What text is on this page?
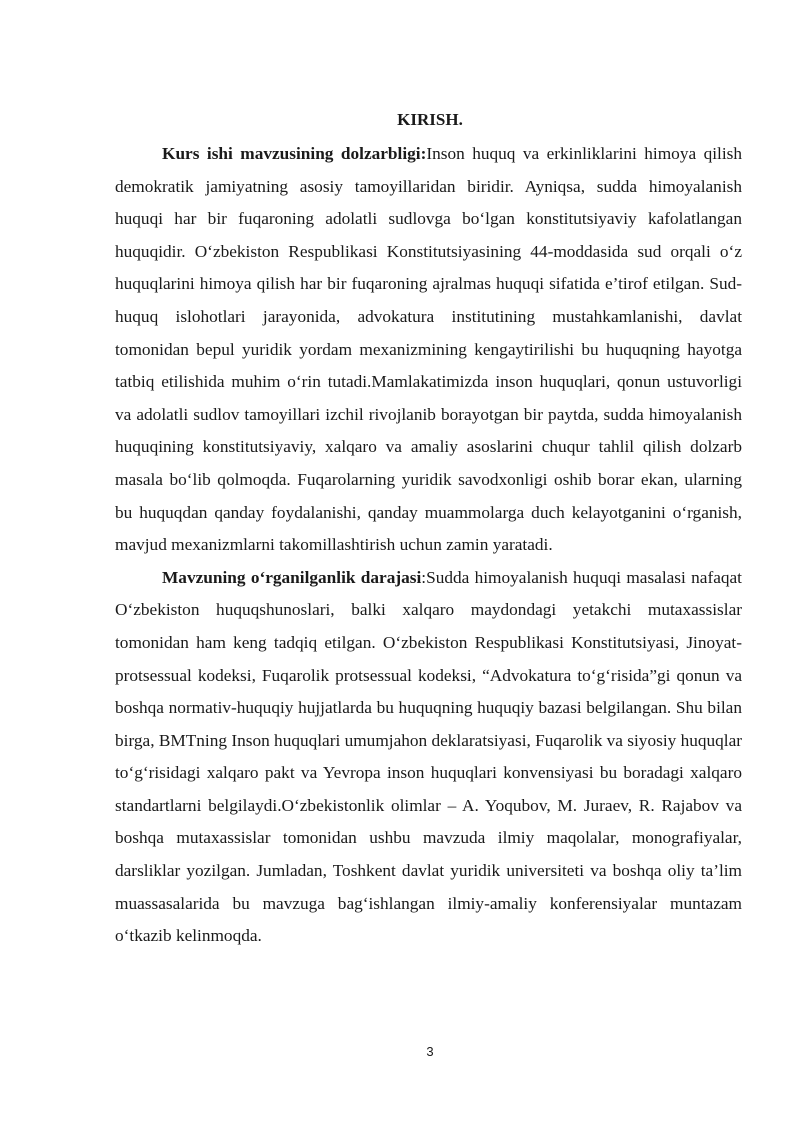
KIRISH.

Kurs ishi mavzusining dolzarbligi:Inson huquq va erkinliklarini himoya qilish demokratik jamiyatning asosiy tamoyillaridan biridir. Ayniqsa, sudda himoyalanish huquqi har bir fuqaroning adolatli sudlovga bo‘lgan konstitutsiyaviy kafolatlangan huquqidir. O‘zbekiston Respublikasi Konstitutsiyasining 44-moddasida sud orqali o‘z huquqlarini himoya qilish har bir fuqaroning ajralmas huquqi sifatida e’tirof etilgan. Sud-huquq islohotlari jarayonida, advokatura institutining mustahkamlanishi, davlat tomonidan bepul yuridik yordam mexanizmining kengaytirilishi bu huquqning hayotga tatbiq etilishida muhim o‘rin tutadi.Mamlakatimizda inson huquqlari, qonun ustuvorligi va adolatli sudlov tamoyillari izchil rivojlanib borayotgan bir paytda, sudda himoyalanish huquqining konstitutsiyaviy, xalqaro va amaliy asoslarini chuqur tahlil qilish dolzarb masala bo‘lib qolmoqda. Fuqarolarning yuridik savodxonligi oshib borar ekan, ularning bu huquqdan qanday foydalanishi, qanday muammolarga duch kelayotganini o‘rganish, mavjud mexanizmlarni takomillashtirish uchun zamin yaratadi.

Mavzuning o‘rganilganlik darajasi:Sudda himoyalanish huquqi masalasi nafaqat O‘zbekiston huquqshunoslari, balki xalqaro maydondagi yetakchi mutaxassislar tomonidan ham keng tadqiq etilgan. O‘zbekiston Respublikasi Konstitutsiyasi, Jinoyat-protsessual kodeksi, Fuqarolik protsessual kodeksi, “Advokatura to‘g‘risida”gi qonun va boshqa normativ-huquqiy hujjatlarda bu huquqning huquqiy bazasi belgilangan. Shu bilan birga, BMTning Inson huquqlari umumjahon deklaratsiyasi, Fuqarolik va siyosiy huquqlar to‘g‘risidagi xalqaro pakt va Yevropa inson huquqlari konvensiyasi bu boradagi xalqaro standartlarni belgilaydi.O‘zbekistonlik olimlar – A. Yoqubov, M. Juraev, R. Rajabov va boshqa mutaxassislar tomonidan ushbu mavzuda ilmiy maqolalar, monografiyalar, darsliklar yozilgan. Jumladan, Toshkent davlat yuridik universiteti va boshqa oliy ta’lim muassasalarida bu mavzuga bag‘ishlangan ilmiy-amaliy konferensiyalar muntazam o‘tkazib kelinmoqda.

3
